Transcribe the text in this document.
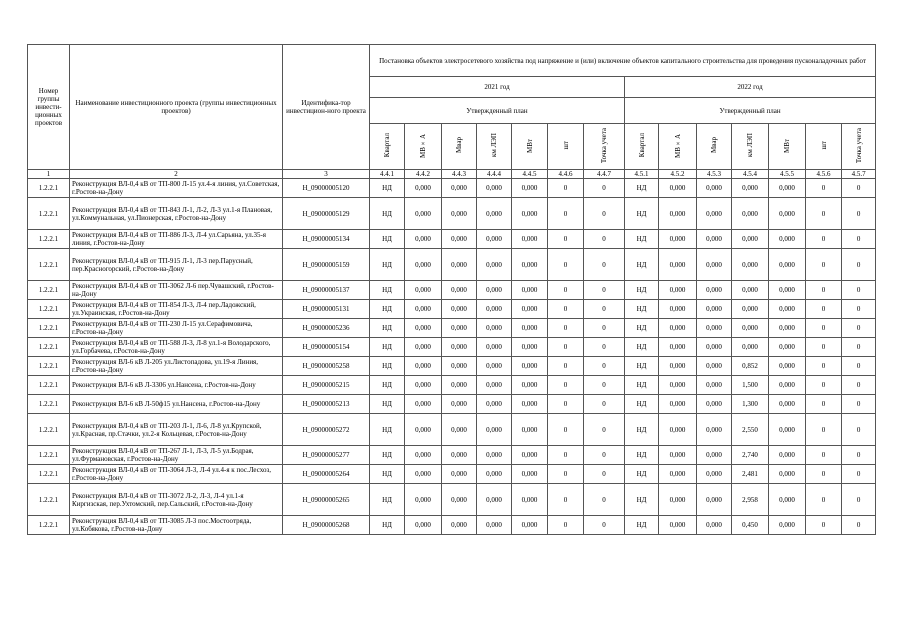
Номер группы инвести-ционных проектов	Наименование инвестиционного проекта (группы инвестиционных проектов)	Идентифика-тор инвестицион-ного проекта	Постановка объектов электросетевого хозяйства под напряжение и (или) включение объектов капитального строительства для проведения пусконаладочных работ													
			2021 год							2022 год						
			Утвержденный план							Утвержденный план						
			Квартал	МВ×А	Мвар	км ЛЭП	МВт	шт	Точка учета	Квартал	МВ×А	Мвар	км ЛЭП	МВт	шт	Точка учета
1	2	3	4.4.1	4.4.2	4.4.3	4.4.4	4.4.5	4.4.6	4.4.7	4.5.1	4.5.2	4.5.3	4.5.4	4.5.5	4.5.6	4.5.7
1.2.2.1	Реконструкция ВЛ-0,4 кВ от ТП-800 Л-15 ул.4-я линия, ул.Советская, г.Ростов-на-Дону	Н_09000005120	НД	0,000	0,000	0,000	0,000	0	0	НД	0,000	0,000	0,000	0,000	0	0
1.2.2.1	Реконструкция ВЛ-0,4 кВ от ТП-843 Л-1, Л-2, Л-3 ул.1-я Плановая, ул.Коммунальная, ул.Пионерская, г.Ростов-на-Дону	Н_09000005129	НД	0,000	0,000	0,000	0,000	0	0	НД	0,000	0,000	0,000	0,000	0	0
1.2.2.1	Реконструкция ВЛ-0,4 кВ от ТП-886 Л-3, Л-4 ул.Сарьяна, ул.35-я линия, г.Ростов-на-Дону	Н_09000005134	НД	0,000	0,000	0,000	0,000	0	0	НД	0,000	0,000	0,000	0,000	0	0
1.2.2.1	Реконструкция ВЛ-0,4 кВ от ТП-915 Л-1, Л-3 пер.Парусный, пер.Красногорский, г.Ростов-на-Дону	Н_09000005159	НД	0,000	0,000	0,000	0,000	0	0	НД	0,000	0,000	0,000	0,000	0	0
1.2.2.1	Реконструкция ВЛ-0,4 кВ от ТП-3062 Л-6 пер.Чувашский, г.Ростов-на-Дону	Н_09000005137	НД	0,000	0,000	0,000	0,000	0	0	НД	0,000	0,000	0,000	0,000	0	0
1.2.2.1	Реконструкция ВЛ-0,4 кВ от ТП-854 Л-3, Л-4 пер.Ладожский, ул.Украинская, г.Ростов-на-Дону	Н_09000005131	НД	0,000	0,000	0,000	0,000	0	0	НД	0,000	0,000	0,000	0,000	0	0
1.2.2.1	Реконструкция ВЛ-0,4 кВ от ТП-230 Л-15 ул.Серафимовича, г.Ростов-на-Дону	Н_09000005236	НД	0,000	0,000	0,000	0,000	0	0	НД	0,000	0,000	0,000	0,000	0	0
1.2.2.1	Реконструкция ВЛ-0,4 кВ от ТП-588 Л-3, Л-8 ул.1-я Володарского, ул.Горбачева, г.Ростов-на-Дону	Н_09000005154	НД	0,000	0,000	0,000	0,000	0	0	НД	0,000	0,000	0,000	0,000	0	0
1.2.2.1	Реконструкция ВЛ-6 кВ Л-205 ул.Листопадова, ул.19-я Линия, г.Ростов-на-Дону	Н_09000005258	НД	0,000	0,000	0,000	0,000	0	0	НД	0,000	0,000	0,852	0,000	0	0
1.2.2.1	Реконструкция ВЛ-6 кВ Л-3306 ул.Нансена, г.Ростов-на-Дону	Н_09000005215	НД	0,000	0,000	0,000	0,000	0	0	НД	0,000	0,000	1,500	0,000	0	0
1.2.2.1	Реконструкция ВЛ-6 кВ Л-50ф15 ул.Нансена, г.Ростов-на-Дону	Н_09000005213	НД	0,000	0,000	0,000	0,000	0	0	НД	0,000	0,000	1,300	0,000	0	0
1.2.2.1	Реконструкция ВЛ-0,4 кВ от ТП-203 Л-1, Л-6, Л-8 ул.Крупской, ул.Красная, пр.Стачки, ул.2-я Кольцевая, г.Ростов-на-Дону	Н_09000005272	НД	0,000	0,000	0,000	0,000	0	0	НД	0,000	0,000	2,550	0,000	0	0
1.2.2.1	Реконструкция ВЛ-0,4 кВ от ТП-267 Л-1, Л-3, Л-5 ул.Бодрая, ул.Фурмановская, г.Ростов-на-Дону	Н_09000005277	НД	0,000	0,000	0,000	0,000	0	0	НД	0,000	0,000	2,740	0,000	0	0
1.2.2.1	Реконструкция ВЛ-0,4 кВ от ТП-3064 Л-3, Л-4 ул.4-я к пос.Лесхоз, г.Ростов-на-Дону	Н_09000005264	НД	0,000	0,000	0,000	0,000	0	0	НД	0,000	0,000	2,481	0,000	0	0
1.2.2.1	Реконструкция ВЛ-0,4 кВ от ТП-3072 Л-2, Л-3, Л-4 ул.1-я Киргизская, пер.Ухтомский, пер.Сальский, г.Ростов-на-Дону	Н_09000005265	НД	0,000	0,000	0,000	0,000	0	0	НД	0,000	0,000	2,958	0,000	0	0
1.2.2.1	Реконструкция ВЛ-0,4 кВ от ТП-3085 Л-3 пос.Мостоотряда, ул.Кобякова, г.Ростов-на-Дону	Н_09000005268	НД	0,000	0,000	0,000	0,000	0	0	НД	0,000	0,000	0,450	0,000	0	0
